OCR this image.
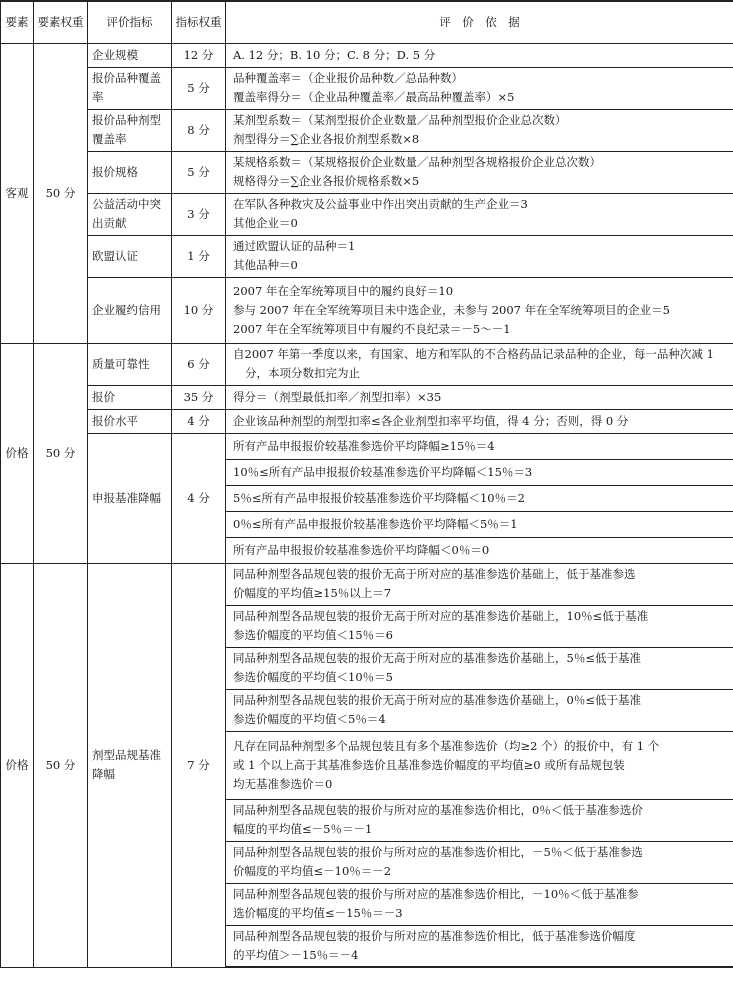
要素	要素权重	评价指标	指标权重	评　价　依　据
客观	50 分	企业规模	12 分	A. 12 分；B. 10 分；C. 8 分；D. 5 分
		报价品种覆盖率	5 分	品种覆盖率＝（企业报价品种数／总品种数）
覆盖率得分＝（企业品种覆盖率／最高品种覆盖率）×5

		报价品种剂型覆盖率	8 分	某剂型系数＝（某剂型报价企业数量／品种剂型报价企业总次数）
剂型得分＝∑企业各报价剂型系数×8

		报价规格	5 分	某规格系数＝（某规格报价企业数量／品种剂型各规格报价企业总次数）
规格得分＝∑企业各报价规格系数×5

		公益活动中突出贡献	3 分	在军队各种救灾及公益事业中作出突出贡献的生产企业＝3
其他企业＝0

		欧盟认证	1 分	通过欧盟认证的品种＝1
其他品种＝0

		企业履约信用	10 分	2007 年在全军统筹项目中的履约良好＝10
参与 2007 年在全军统筹项目未中选企业，未参与 2007 年在全军统筹项目的企业＝5
2007 年在全军统筹项目中有履约不良纪录＝－5～－1

价格	50 分	质量可靠性	6 分	自2007 年第一季度以来，有国家、地方和军队的不合格药品记录品种的企业，每一品种次减 1 分，本项分数扣完为止

		报价	35 分	得分＝（剂型最低扣率／剂型扣率）×35
		报价水平	4 分	企业该品种剂型的剂型扣率≤各企业剂型扣率平均值，得 4 分；否则，得 0 分
		申报基准降幅	4 分	所有产品申报报价较基准参选价平均降幅≥15％＝4
				10％≤所有产品申报报价较基准参选价平均降幅＜15％＝3
				5％≤所有产品申报报价较基准参选价平均降幅＜10％＝2
				0％≤所有产品申报报价较基准参选价平均降幅＜5％＝1
				所有产品申报报价较基准参选价平均降幅＜0％＝0
价格	50 分	剂型品规基准降幅	7 分	同品种剂型各品规包装的报价无高于所对应的基准参选价基础上，低于基准参选
价幅度的平均值≥15％以上＝7

				同品种剂型各品规包装的报价无高于所对应的基准参选价基础上，10％≤低于基准
参选价幅度的平均值＜15％＝6

				同品种剂型各品规包装的报价无高于所对应的基准参选价基础上，5％≤低于基准
参选价幅度的平均值＜10％＝5

				同品种剂型各品规包装的报价无高于所对应的基准参选价基础上，0％≤低于基准
参选价幅度的平均值＜5％＝4

				凡存在同品种剂型多个品规包装且有多个基准参选价（均≥2 个）的报价中，有 1 个
或 1 个以上高于其基准参选价且基准参选价幅度的平均值≥0 或所有品规包装
均无基准参选价＝0

				同品种剂型各品规包装的报价与所对应的基准参选价相比，0％＜低于基准参选价
幅度的平均值≤－5％＝－1

				同品种剂型各品规包装的报价与所对应的基准参选价相比，－5％＜低于基准参选
价幅度的平均值≤－10％＝－2

				同品种剂型各品规包装的报价与所对应的基准参选价相比，－10％＜低于基准参
选价幅度的平均值≤－15％＝－3

				同品种剂型各品规包装的报价与所对应的基准参选价相比，低于基准参选价幅度
的平均值＞－15％＝－4
